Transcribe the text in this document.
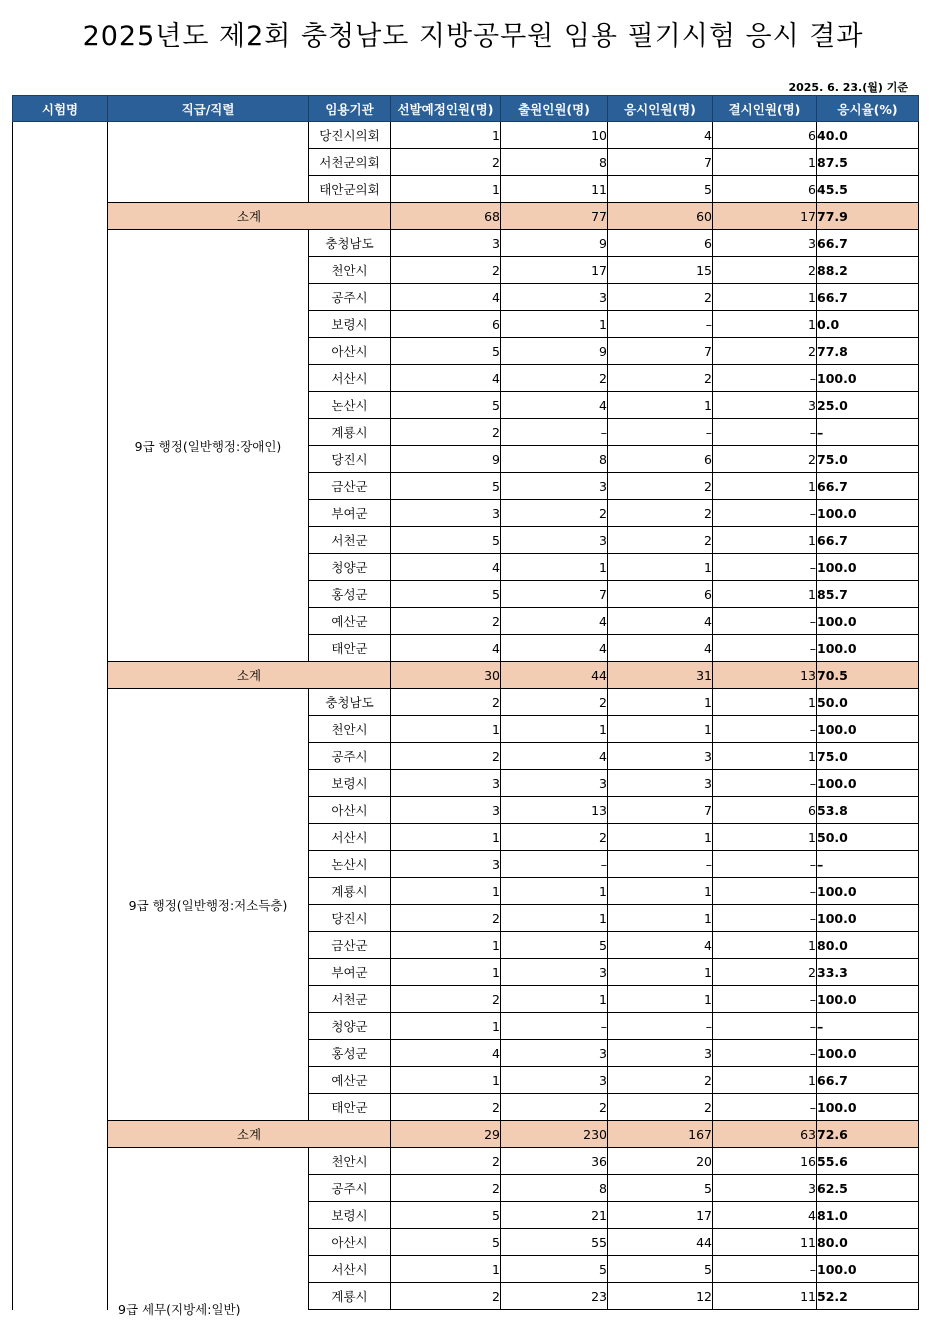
2025년도 제2회 충청남도 지방공무원 임용 필기시험 응시 결과
2025. 6. 23.(월) 기준
시험명	직급/직렬	임용기관	선발예정인원(명)	출원인원(명)	응시인원(명)	결시인원(명)	응시율(%)
		당진시의회	1	10	4	6	40.0
		서천군의회	2	8	7	1	87.5
		태안군의회	1	11	5	6	45.5
	소계		68	77	60	17	77.9
	9급 행정(일반행정:장애인)	충청남도	3	9	6	3	66.7
		천안시	2	17	15	2	88.2
		공주시	4	3	2	1	66.7
		보령시	6	1	–	1	0.0
		아산시	5	9	7	2	77.8
		서산시	4	2	2	–	100.0
		논산시	5	4	1	3	25.0
		계룡시	2	–	–	–	–
		당진시	9	8	6	2	75.0
		금산군	5	3	2	1	66.7
		부여군	3	2	2	–	100.0
		서천군	5	3	2	1	66.7
		청양군	4	1	1	–	100.0
		홍성군	5	7	6	1	85.7
		예산군	2	4	4	–	100.0
		태안군	4	4	4	–	100.0
	소계		30	44	31	13	70.5
	9급 행정(일반행정:저소득층)	충청남도	2	2	1	1	50.0
		천안시	1	1	1	–	100.0
		공주시	2	4	3	1	75.0
		보령시	3	3	3	–	100.0
		아산시	3	13	7	6	53.8
		서산시	1	2	1	1	50.0
		논산시	3	–	–	–	–
		계룡시	1	1	1	–	100.0
		당진시	2	1	1	–	100.0
		금산군	1	5	4	1	80.0
		부여군	1	3	1	2	33.3
		서천군	2	1	1	–	100.0
		청양군	1	–	–	–	–
		홍성군	4	3	3	–	100.0
		예산군	1	3	2	1	66.7
		태안군	2	2	2	–	100.0
	소계		29	230	167	63	72.6

	9급 세무(지방세:일반)	천안시	2	36	20	16	55.6
		공주시	2	8	5	3	62.5
		보령시	5	21	17	4	81.0
		아산시	5	55	44	11	80.0
		서산시	1	5	5	–	100.0
		계룡시	2	23	12	11	52.2
